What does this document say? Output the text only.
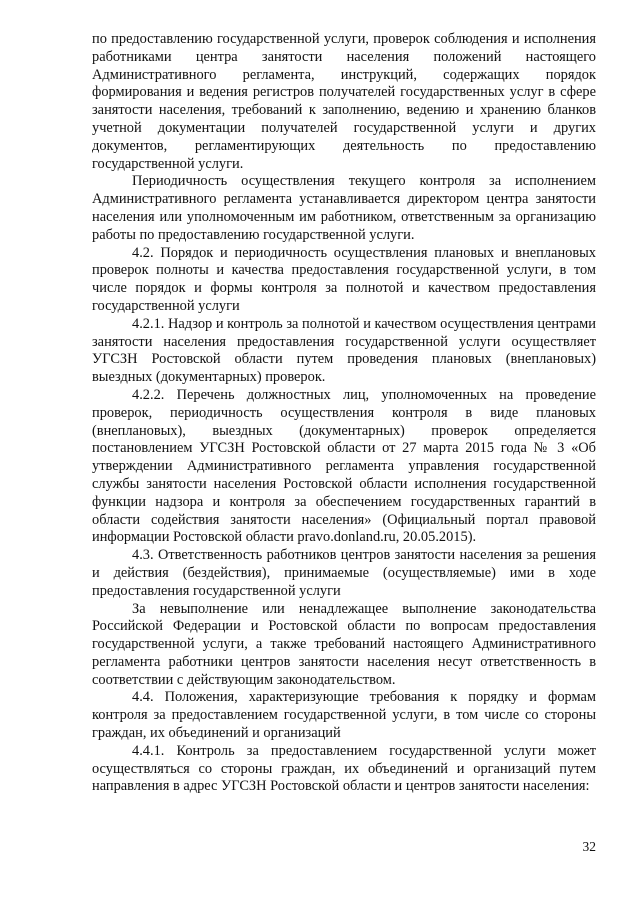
по предоставлению государственной услуги, проверок соблюдения и исполнения работниками центра занятости населения положений настоящего Административного регламента, инструкций, содержащих порядок формирования и ведения регистров получателей государственных услуг в сфере занятости населения, требований к заполнению, ведению и хранению бланков учетной документации получателей государственной услуги и других документов, регламентирующих деятельность по предоставлению государственной услуги.

Периодичность осуществления текущего контроля за исполнением Административного регламента устанавливается директором центра занятости населения или уполномоченным им работником, ответственным за организацию работы по предоставлению государственной услуги.

4.2. Порядок и периодичность осуществления плановых и внеплановых проверок полноты и качества предоставления государственной услуги, в том числе порядок и формы контроля за полнотой и качеством предоставления государственной услуги

4.2.1. Надзор и контроль за полнотой и качеством осуществления центрами занятости населения предоставления государственной услуги осуществляет УГСЗН Ростовской области путем проведения плановых (внеплановых) выездных (документарных) проверок.

4.2.2. Перечень должностных лиц, уполномоченных на проведение проверок, периодичность осуществления контроля в виде плановых (внеплановых), выездных (документарных) проверок определяется постановлением УГСЗН Ростовской области от 27 марта 2015 года № 3 «Об утверждении Административного регламента управления государственной службы занятости населения Ростовской области исполнения государственной функции надзора и контроля за обеспечением государственных гарантий в области содействия занятости населения» (Официальный портал правовой информации Ростовской области pravo.donland.ru, 20.05.2015).

4.3. Ответственность работников центров занятости населения за решения и действия (бездействия), принимаемые (осуществляемые) ими в ходе предоставления государственной услуги

За невыполнение или ненадлежащее выполнение законодательства Российской Федерации и Ростовской области по вопросам предоставления государственной услуги, а также требований настоящего Административного регламента работники центров занятости населения несут ответственность в соответствии с действующим законодательством.

4.4. Положения, характеризующие требования к порядку и формам контроля за предоставлением государственной услуги, в том числе со стороны граждан, их объединений и организаций

4.4.1. Контроль за предоставлением государственной услуги может осуществляться со стороны граждан, их объединений и организаций путем направления в адрес УГСЗН Ростовской области и центров занятости населения:

32
